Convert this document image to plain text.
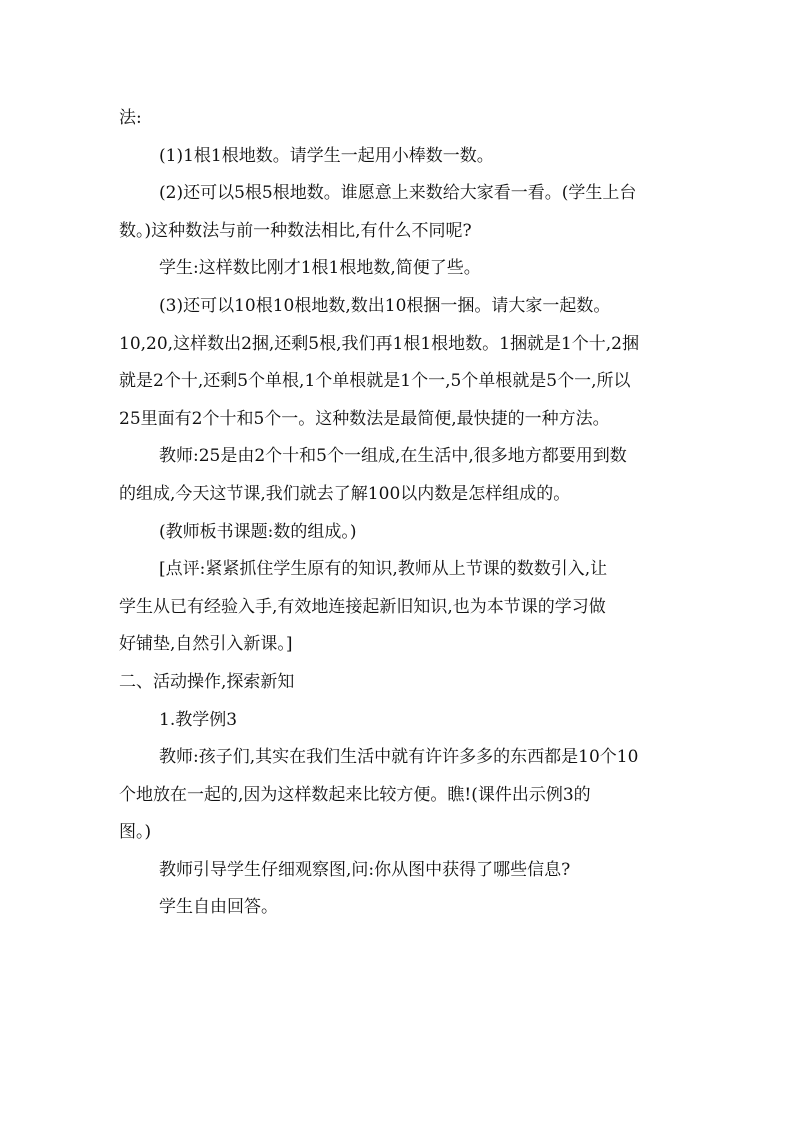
法:

(1)1根1根地数。请学生一起用小棒数一数。

(2)还可以5根5根地数。谁愿意上来数给大家看一看。(学生上台

数。)这种数法与前一种数法相比,有什么不同呢?

学生:这样数比刚才1根1根地数,简便了些。

(3)还可以10根10根地数,数出10根捆一捆。请大家一起数。

10,20,这样数出2捆,还剩5根,我们再1根1根地数。1捆就是1个十,2捆

就是2个十,还剩5个单根,1个单根就是1个一,5个单根就是5个一,所以

25里面有2个十和5个一。这种数法是最简便,最快捷的一种方法。

教师:25是由2个十和5个一组成,在生活中,很多地方都要用到数

的组成,今天这节课,我们就去了解100以内数是怎样组成的。

(教师板书课题:数的组成。)

[点评:紧紧抓住学生原有的知识,教师从上节课的数数引入,让

学生从已有经验入手,有效地连接起新旧知识,也为本节课的学习做

好铺垫,自然引入新课。]

二、活动操作,探索新知

1.教学例3

教师:孩子们,其实在我们生活中就有许许多多的东西都是10个10

个地放在一起的,因为这样数起来比较方便。瞧!(课件出示例3的

图。)

教师引导学生仔细观察图,问:你从图中获得了哪些信息?

学生自由回答。
